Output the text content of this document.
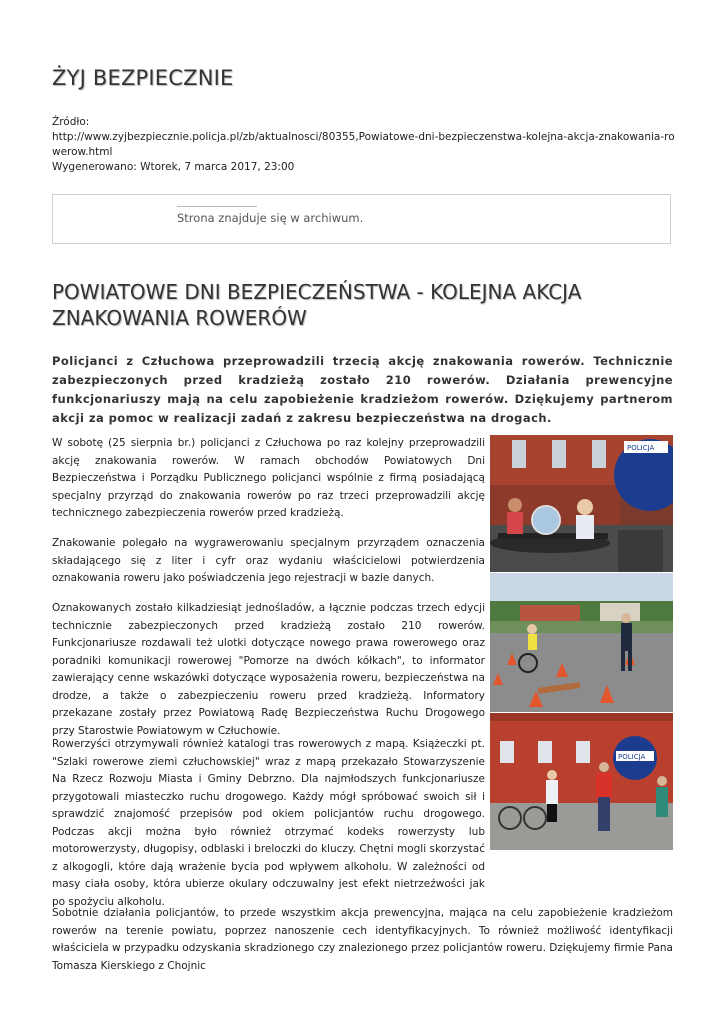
ŻYJ BEZPIECZNIE
Źródło:
http://www.zyjbezpiecznie.policja.pl/zb/aktualnosci/80355,Powiatowe-dni-bezpieczenstwa-kolejna-akcja-znakowania-rowerow.html
Wygenerowano: Wtorek, 7 marca 2017, 23:00
Strona znajduje się w archiwum.
POWIATOWE DNI BEZPIECZEŃSTWA - KOLEJNA AKCJA ZNAKOWANIA ROWERÓW

Policjanci z Człuchowa przeprowadzili trzecią akcję znakowania rowerów. Technicznie zabezpieczonych przed kradzieżą zostało 210 rowerów. Działania prewencyjne funkcjonariuszy mają na celu zapobieżenie kradzieżom rowerów. Dziękujemy partnerom akcji za pomoc w realizacji zadań z zakresu bezpieczeństwa na drogach.

W sobotę (25 sierpnia br.) policjanci z Człuchowa po raz kolejny przeprowadzili akcję znakowania rowerów. W ramach obchodów Powiatowych Dni Bezpieczeństwa i Porządku Publicznego policjanci wspólnie z firmą posiadającą specjalny przyrząd do znakowania rowerów po raz trzeci przeprowadzili akcję technicznego zabezpieczenia rowerów przed kradzieżą.

Znakowanie polegało na wygrawerowaniu specjalnym przyrządem oznaczenia składającego się z liter i cyfr oraz wydaniu właścicielowi potwierdzenia oznakowania roweru jako poświadczenia jego rejestracji w bazie danych.

Oznakowanych zostało kilkadziesiąt jednośladów, a łącznie podczas trzech edycji technicznie zabezpieczonych przed kradzieżą zostało 210 rowerów. Funkcjonariusze rozdawali też ulotki dotyczące nowego prawa rowerowego oraz poradniki komunikacji rowerowej "Pomorze na dwóch kółkach", to informator zawierający cenne wskazówki dotyczące wyposażenia roweru, bezpieczeństwa na drodze, a także o zabezpieczeniu roweru przed kradzieżą. Informatory przekazane zostały przez Powiatową Radę Bezpieczeństwa Ruchu Drogowego przy Starostwie Powiatowym w Człuchowie.

Rowerzyści otrzymywali również katalogi tras rowerowych z mapą. Książeczki pt. "Szlaki rowerowe ziemi człuchowskiej" wraz z mapą przekazało Stowarzyszenie Na Rzecz Rozwoju Miasta i Gminy Debrzno. Dla najmłodszych funkcjonariusze przygotowali miasteczko ruchu drogowego. Każdy mógł spróbować swoich sił i sprawdzić znajomość przepisów pod okiem policjantów ruchu drogowego. Podczas akcji można było również otrzymać kodeks rowerzysty lub motorowerzysty, długopisy, odblaski i breloczki do kluczy. Chętni mogli skorzystać z alkogogli, które dają wrażenie bycia pod wpływem alkoholu. W zależności od masy ciała osoby, która ubierze okulary odczuwalny jest efekt nietrzeźwości jak po spożyciu alkoholu.

Sobotnie działania policjantów, to przede wszystkim akcja prewencyjna, mająca na celu zapobieżenie kradzieżom rowerów na terenie powiatu, poprzez nanoszenie cech identyfikacyjnych. To również możliwość identyfikacji właściciela w przypadku odzyskania skradzionego czy znalezionego przez policjantów roweru. Dziękujemy firmie Pana Tomasza Kierskiego z Chojnic

POLICJA
POLICJA
